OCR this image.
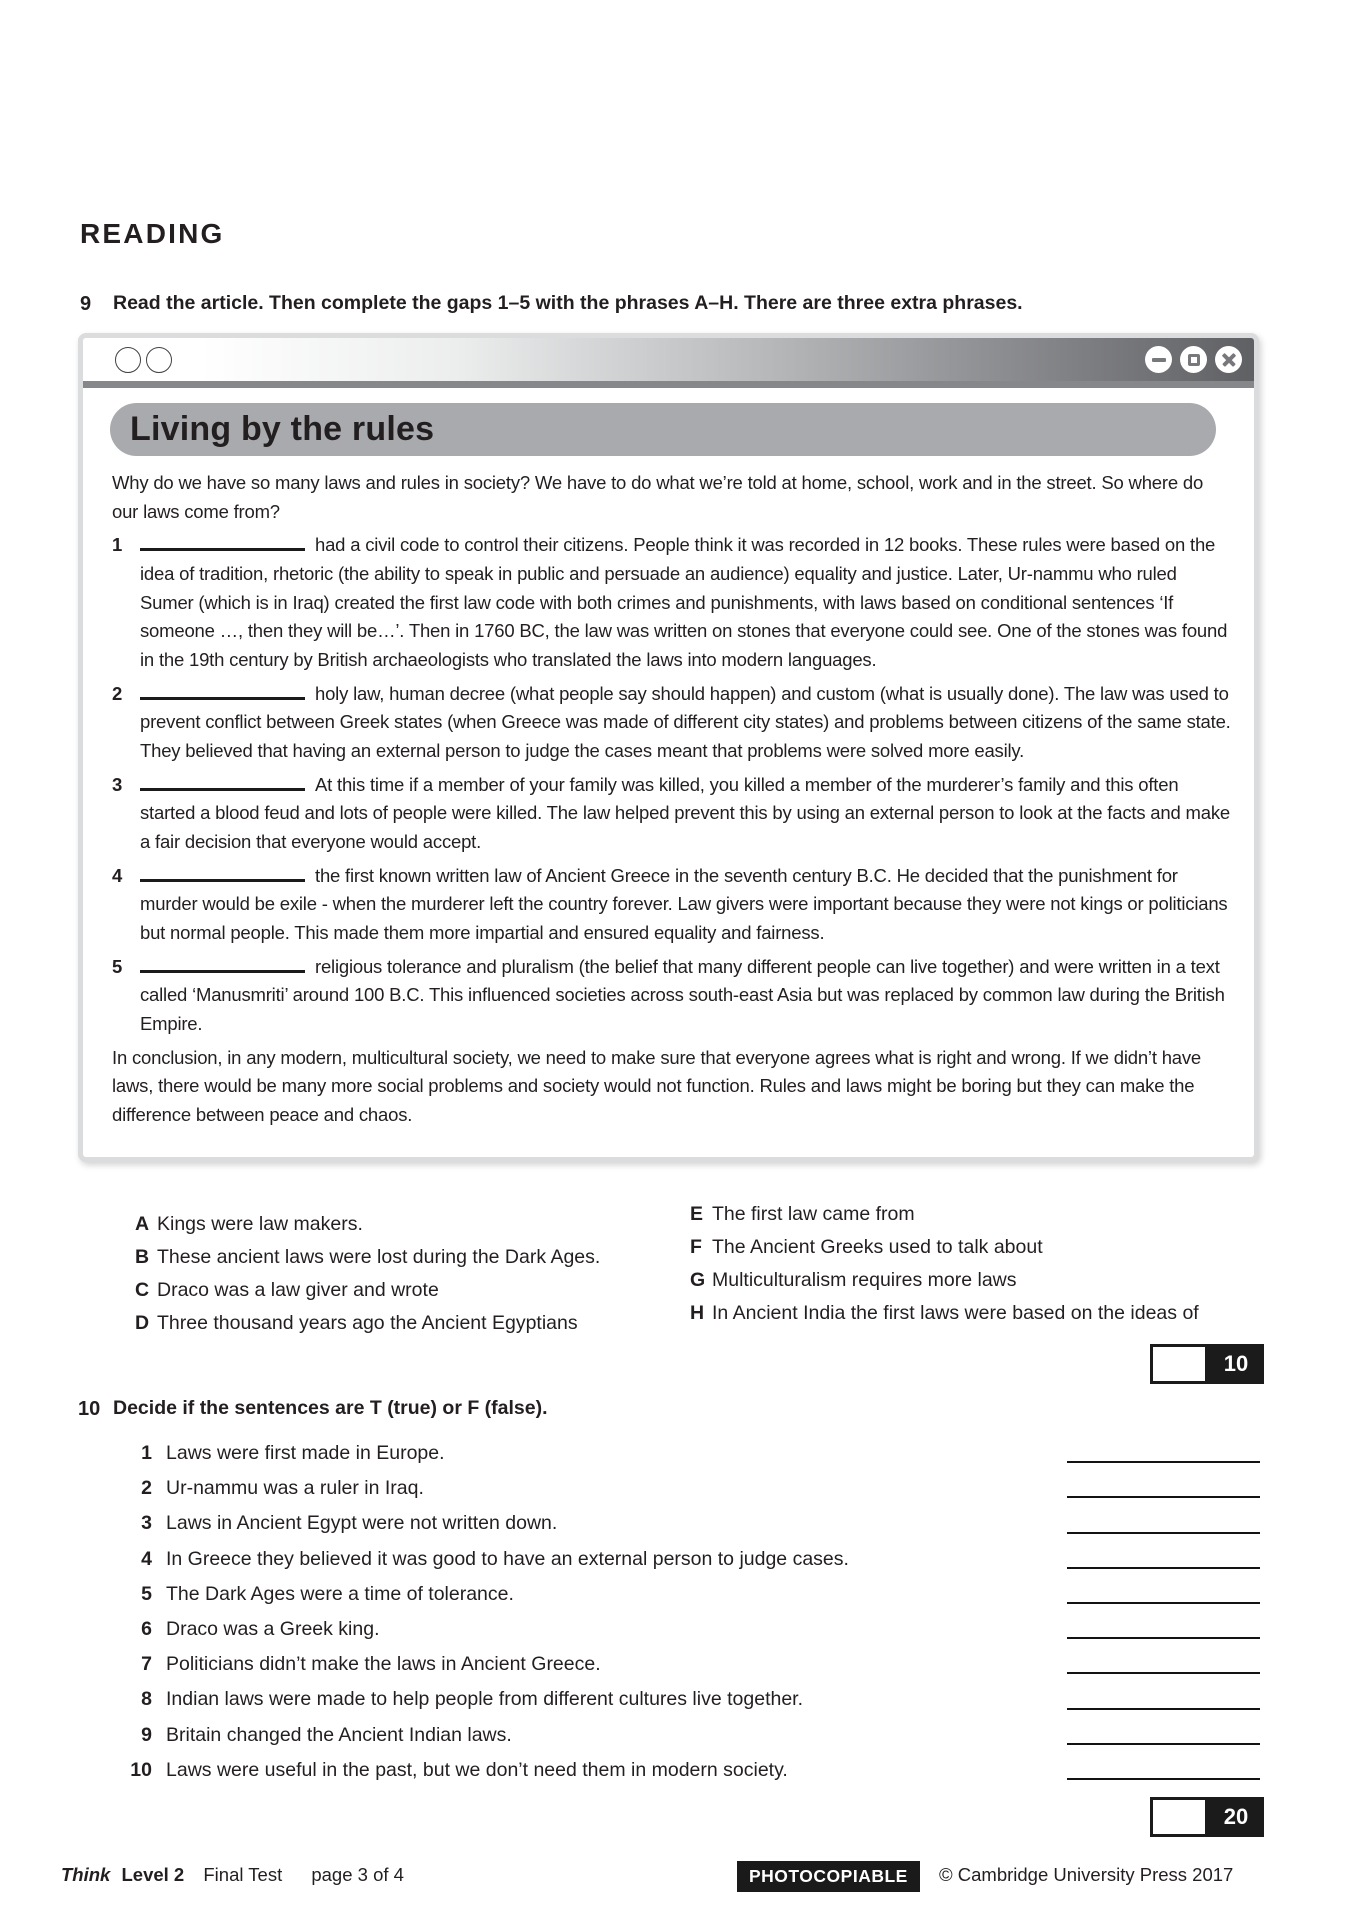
READING
9	Read the article. Then complete the gaps 1–5 with the phrases A–H. There are three extra phrases.
Living by the rules

Why do we have so many laws and rules in society? We have to do what we’re told at home, school, work and in the street. So where do our laws come from?

1	had a civil code to control their citizens. People think it was recorded in 12 books. These rules were based on the idea of tradition, rhetoric (the ability to speak in public and persuade an audience) equality and justice. Later, Ur-nammu who ruled Sumer (which is in Iraq) created the first law code with both crimes and punishments, with laws based on conditional sentences ‘If someone …, then they will be…’. Then in 1760 BC, the law was written on stones that everyone could see. One of the stones was found in the 19th century by British archaeologists who translated the laws into modern languages.
2	holy law, human decree (what people say should happen) and custom (what is usually done). The law was used to prevent conflict between Greek states (when Greece was made of different city states) and problems between citizens of the same state. They believed that having an external person to judge the cases meant that problems were solved more easily.
3	At this time if a member of your family was killed, you killed a member of the murderer’s family and this often started a blood feud and lots of people were killed. The law helped prevent this by using an external person to look at the facts and make a fair decision that everyone would accept.
4	the first known written law of Ancient Greece in the seventh century B.C. He decided that the punishment for murder would be exile - when the murderer left the country forever. Law givers were important because they were not kings or politicians but normal people. This made them more impartial and ensured equality and fairness.
5	religious tolerance and pluralism (the belief that many different people can live together) and were written in a text called ‘Manusmriti’ around 100 B.C. This influenced societies across south-east Asia but was replaced by common law during the British Empire.

In conclusion, in any modern, multicultural society, we need to make sure that everyone agrees what is right and wrong. If we didn’t have laws, there would be many more social problems and society would not function. Rules and laws might be boring but they can make the difference between peace and chaos.

A Kings were law makers.
B These ancient laws were lost during the Dark Ages.
C Draco was a law giver and wrote
D Three thousand years ago the Ancient Egyptians
E The first law came from
F The Ancient Greeks used to talk about
G Multiculturalism requires more laws
H In Ancient India the first laws were based on the ideas of
10
10 Decide if the sentences are T (true) or F (false).
1 Laws were first made in Europe.
2 Ur-nammu was a ruler in Iraq.
3 Laws in Ancient Egypt were not written down.
4 In Greece they believed it was good to have an external person to judge cases.
5 The Dark Ages were a time of tolerance.
6 Draco was a Greek king.
7 Politicians didn’t make the laws in Ancient Greece.
8 Indian laws were made to help people from different cultures live together.
9 Britain changed the Ancient Indian laws.
10 Laws were useful in the past, but we don’t need them in modern society.
20
Think Level 2 Final Test page 3 of 4	PHOTOCOPIABLE	© Cambridge University Press 2017
